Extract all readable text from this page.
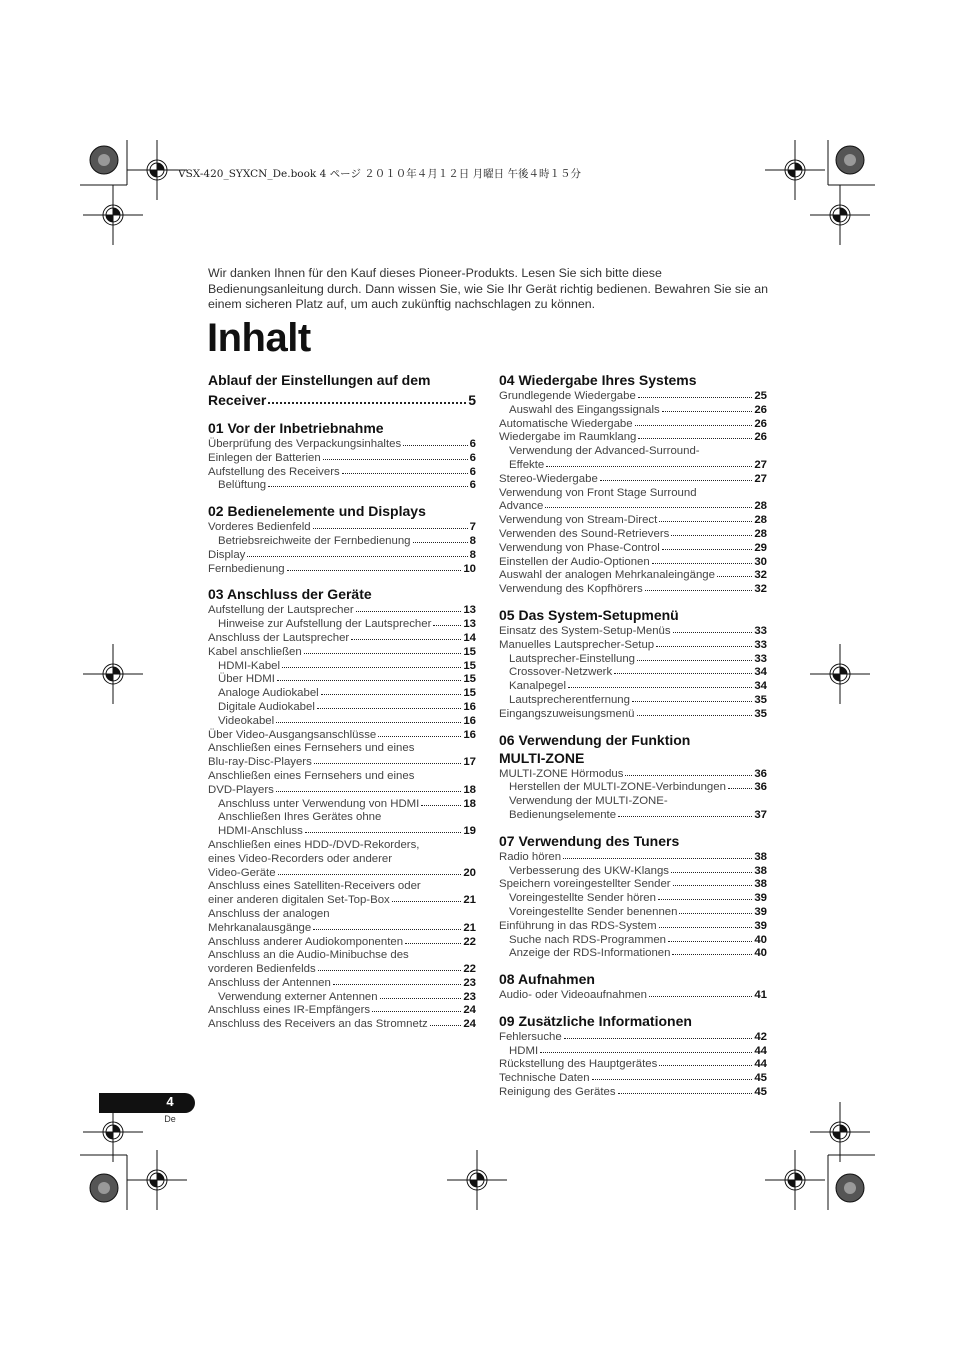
VSX-420_SYXCN_De.book 4 ページ ２０１０年４月１２日 月曜日 午後４時１５分

Wir danken Ihnen für den Kauf dieses Pioneer-Produkts. Lesen Sie sich bitte diese Bedienungsanleitung durch. Dann wissen Sie, wie Sie Ihr Gerät richtig bedienen. Bewahren Sie sie an einem sicheren Platz auf, um auch zukünftig nachschlagen zu können.

Inhalt
Ablauf der Einstellungen auf dem
Receiver	5
01 Vor der Inbetriebnahme
Überprüfung des Verpackungsinhaltes	6
Einlegen der Batterien	6
Aufstellung des Receivers	6
Belüftung	6
02 Bedienelemente und Displays
Vorderes Bedienfeld	7
Betriebsreichweite der Fernbedienung	8
Display	8
Fernbedienung	10
03 Anschluss der Geräte
Aufstellung der Lautsprecher	13
Hinweise zur Aufstellung der Lautsprecher	13
Anschluss der Lautsprecher	14
Kabel anschließen	15
HDMI-Kabel	15
Über HDMI	15
Analoge Audiokabel	15
Digitale Audiokabel	16
Videokabel	16
Über Video-Ausgangsanschlüsse	16
Anschließen eines Fernsehers und eines
Blu-ray-Disc-Players	17
Anschließen eines Fernsehers und eines
DVD-Players	18
Anschluss unter Verwendung von HDMI	18
Anschließen Ihres Gerätes ohne
HDMI-Anschluss	19
Anschließen eines HDD-/DVD-Rekorders,
eines Video-Recorders oder anderer
Video-Geräte	20
Anschluss eines Satelliten-Receivers oder
einer anderen digitalen Set-Top-Box	21
Anschluss der analogen
Mehrkanalausgänge	21
Anschluss anderer Audiokomponenten	22
Anschluss an die Audio-Minibuchse des
vorderen Bedienfelds	22
Anschluss der Antennen	23
Verwendung externer Antennen	23
Anschluss eines IR-Empfängers	24
Anschluss des Receivers an das Stromnetz	24
04 Wiedergabe Ihres Systems
Grundlegende Wiedergabe	25
Auswahl des Eingangssignals	26
Automatische Wiedergabe	26
Wiedergabe im Raumklang	26
Verwendung der Advanced-Surround-
Effekte	27
Stereo-Wiedergabe	27
Verwendung von Front Stage Surround
Advance	28
Verwendung von Stream-Direct	28
Verwenden des Sound-Retrievers	28
Verwendung von Phase-Control	29
Einstellen der Audio-Optionen	30
Auswahl der analogen Mehrkanaleingänge	32
Verwendung des Kopfhörers	32
05 Das System-Setupmenü
Einsatz des System-Setup-Menüs	33
Manuelles Lautsprecher-Setup	33
Lautsprecher-Einstellung	33
Crossover-Netzwerk	34
Kanalpegel	34
Lautsprecherentfernung	35
Eingangszuweisungsmenü	35
06 Verwendung der Funktion
MULTI-ZONE
MULTI-ZONE Hörmodus	36
Herstellen der MULTI-ZONE-Verbindungen 36
Verwendung der MULTI-ZONE-
Bedienungselemente	37
07 Verwendung des Tuners
Radio hören	38
Verbesserung des UKW-Klangs	38
Speichern voreingestellter Sender	38
Voreingestellte Sender hören	39
Voreingestellte Sender benennen	39
Einführung in das RDS-System	39
Suche nach RDS-Programmen	40
Anzeige der RDS-Informationen	40
08 Aufnahmen
Audio- oder Videoaufnahmen	41
09 Zusätzliche Informationen
Fehlersuche	42
HDMI	44
Rückstellung des Hauptgerätes	44
Technische Daten	45
Reinigung des Gerätes	45
4
De
